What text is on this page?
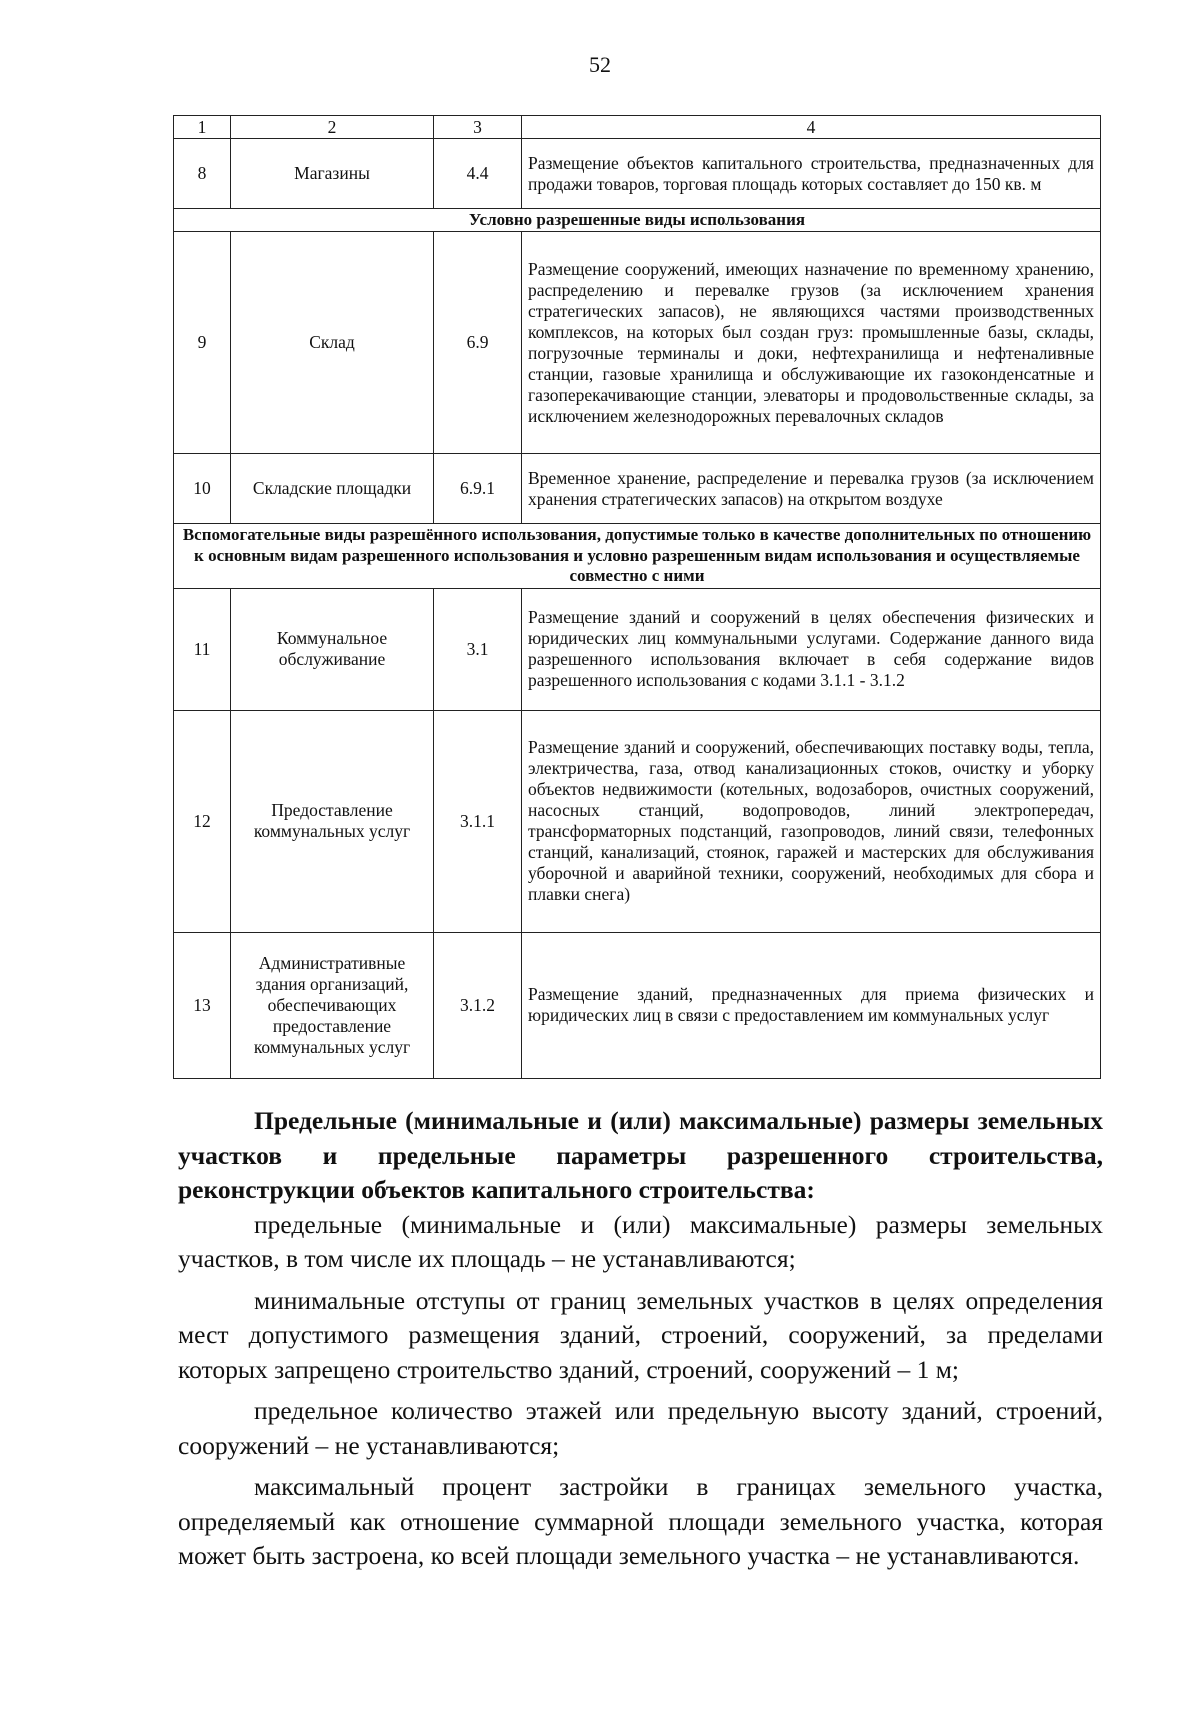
52
1	2	3	4
8	Магазины	4.4	Размещение объектов капитального строительства, предназначенных для продажи товаров, торговая площадь которых составляет до 150 кв. м
Условно разрешенные виды использования			
9	Склад	6.9	Размещение сооружений, имеющих назначение по временному хранению, распределению и перевалке грузов (за исключением хранения стратегических запасов), не являющихся частями производственных комплексов, на которых был создан груз: промышленные базы, склады, погрузочные терминалы и доки, нефтехранилища и нефтеналивные станции, газовые хранилища и обслуживающие их газоконденсатные и газоперекачивающие станции, элеваторы и продовольственные склады, за исключением железнодорожных перевалочных складов
10	Складские площадки	6.9.1	Временное хранение, распределение и перевалка грузов (за исключением хранения стратегических запасов) на открытом воздухе
Вспомогательные виды разрешённого использования, допустимые только в качестве дополнительных по отношению к основным видам разрешенного использования и условно разрешенным видам использования и осуществляемые совместно с ними			
11	Коммунальное обслуживание	3.1	Размещение зданий и сооружений в целях обеспечения физических и юридических лиц коммунальными услугами. Содержание данного вида разрешенного использования включает в себя содержание видов разрешенного использования с кодами 3.1.1 - 3.1.2
12	Предоставление коммунальных услуг	3.1.1	Размещение зданий и сооружений, обеспечивающих поставку воды, тепла, электричества, газа, отвод канализационных стоков, очистку и уборку объектов недвижимости (котельных, водозаборов, очистных сооружений, насосных станций, водопроводов, линий электропередач, трансформаторных подстанций, газопроводов, линий связи, телефонных станций, канализаций, стоянок, гаражей и мастерских для обслуживания уборочной и аварийной техники, сооружений, необходимых для сбора и плавки снега)
13	Административные здания организаций, обеспечивающих предоставление коммунальных услуг	3.1.2	Размещение зданий, предназначенных для приема физических и юридических лиц в связи с предоставлением им коммунальных услуг

Предельные (минимальные и (или) максимальные) размеры земельных участков и предельные параметры разрешенного строительства, реконструкции объектов капитального строительства:

предельные (минимальные и (или) максимальные) размеры земельных участков, в том числе их площадь – не устанавливаются;

минимальные отступы от границ земельных участков в целях определения мест допустимого размещения зданий, строений, сооружений, за пределами которых запрещено строительство зданий, строений, сооружений – 1 м;

предельное количество этажей или предельную высоту зданий, строений, сооружений – не устанавливаются;

максимальный процент застройки в границах земельного участка, определяемый как отношение суммарной площади земельного участка, которая может быть застроена, ко всей площади земельного участка – не устанавливаются.
